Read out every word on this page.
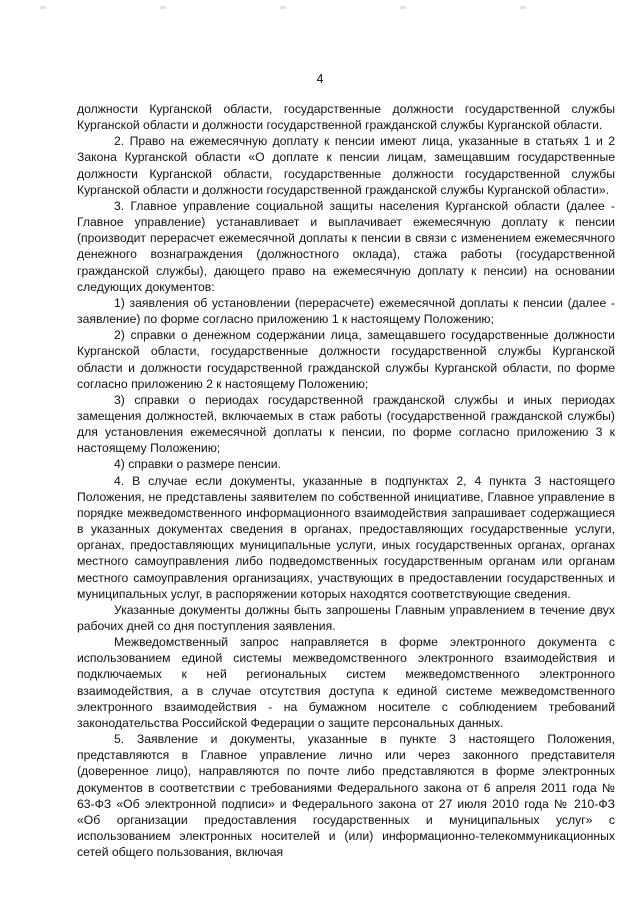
4

должности Курганской области, государственные должности государственной службы Курганской области и должности государственной гражданской службы Курганской области.

2. Право на ежемесячную доплату к пенсии имеют лица, указанные в статьях 1 и 2 Закона Курганской области «О доплате к пенсии лицам, замещавшим государственные должности Курганской области, государственные должности государственной службы Курганской области и должности государственной гражданской службы Курганской области».

3. Главное управление социальной защиты населения Курганской области (далее - Главное управление) устанавливает и выплачивает ежемесячную доплату к пенсии (производит перерасчет ежемесячной доплаты к пенсии в связи с изменением ежемесячного денежного вознаграждения (должностного оклада), стажа работы (государственной гражданской службы), дающего право на ежемесячную доплату к пенсии) на основании следующих документов:

1) заявления об установлении (перерасчете) ежемесячной доплаты к пенсии (далее - заявление) по форме согласно приложению 1 к настоящему Положению;

2) справки о денежном содержании лица, замещавшего государственные должности Курганской области, государственные должности государственной службы Курганской области и должности государственной гражданской службы Курганской области, по форме согласно приложению 2 к настоящему Положению;

3) справки о периодах государственной гражданской службы и иных периодах замещения должностей, включаемых в стаж работы (государственной гражданской службы) для установления ежемесячной доплаты к пенсии, по форме согласно приложению 3 к настоящему Положению;

4) справки о размере пенсии.

4. В случае если документы, указанные в подпунктах 2, 4 пункта 3 настоящего Положения, не представлены заявителем по собственной инициативе, Главное управление в порядке межведомственного информационного взаимодействия запрашивает содержащиеся в указанных документах сведения в органах, предоставляющих государственные услуги, органах, предоставляющих муниципальные услуги, иных государственных органах, органах местного самоуправления либо подведомственных государственным органам или органам местного самоуправления организациях, участвующих в предоставлении государственных и муниципальных услуг, в распоряжении которых находятся соответствующие сведения.

Указанные документы должны быть запрошены Главным управлением в течение двух рабочих дней со дня поступления заявления.

Межведомственный запрос направляется в форме электронного документа с использованием единой системы межведомственного электронного взаимодействия и подключаемых к ней региональных систем межведомственного электронного взаимодействия, а в случае отсутствия доступа к единой системе межведомственного электронного взаимодействия - на бумажном носителе с соблюдением требований законодательства Российской Федерации о защите персональных данных.

5. Заявление и документы, указанные в пункте 3 настоящего Положения, представляются в Главное управление лично или через законного представителя (доверенное лицо), направляются по почте либо представляются в форме электронных документов в соответствии с требованиями Федерального закона от 6 апреля 2011 года № 63-ФЗ «Об электронной подписи» и Федерального закона от 27 июля 2010 года № 210-ФЗ «Об организации предоставления государственных и муниципальных услуг» с использованием электронных носителей и (или) информационно-телекоммуникационных сетей общего пользования, включая
